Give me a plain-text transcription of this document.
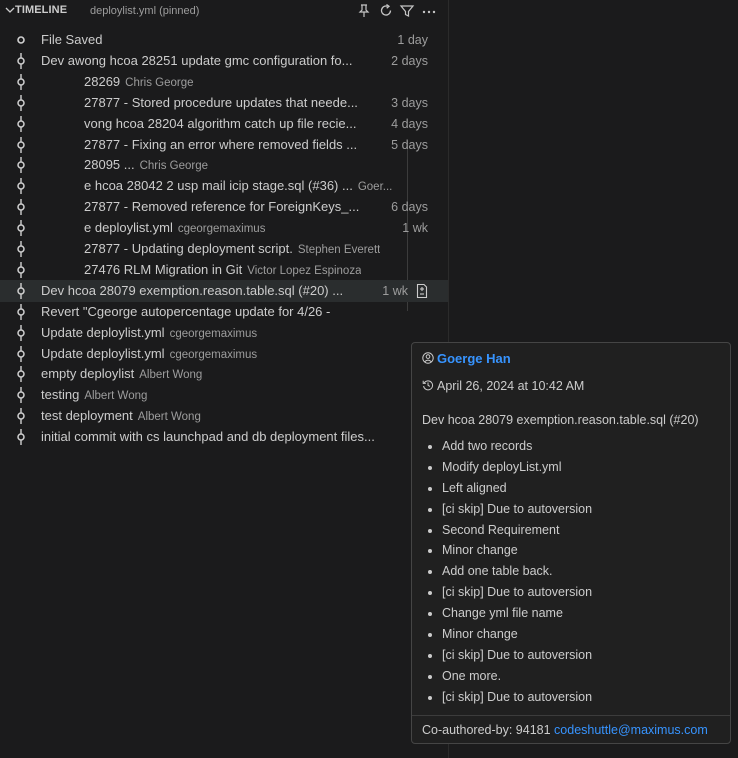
TIMELINE deploylist.yml (pinned)
File Saved	1 day
Dev awong hcoa 28251 update gmc configuration fo...	2 days
28269 Chris George
27877 - Stored procedure updates that neede...	3 days
vong hcoa 28204 algorithm catch up file recie...	4 days
27877 - Fixing an error where removed fields ...	5 days
28095 ... Chris George
e hcoa 28042 2 usp mail icip stage.sql (#36) ... Goer...
27877 - Removed reference for ForeignKeys_...	6 days
e deploylist.yml cgeorgemaximus	1 wk
27877 - Updating deployment script. Stephen Everett
27476 RLM Migration in Git Victor Lopez Espinoza
Dev hcoa 28079 exemption.reason.table.sql (#20) ...	1 wk
Revert "Cgeorge autopercentage update for 4/26 -
Update deploylist.yml cgeorgemaximus
Update deploylist.yml cgeorgemaximus
empty deploylist Albert Wong
testing Albert Wong
test deployment Albert Wong
initial commit with cs launchpad and db deployment files...
Goerge Han
April 26, 2024 at 10:42 AM
Dev hcoa 28079 exemption.reason.table.sql (#20)
Add two records
Modify deployList.yml
Left aligned
[ci skip] Due to autoversion
Second Requirement
Minor change
Add one table back.
[ci skip] Due to autoversion
Change yml file name
Minor change
[ci skip] Due to autoversion
One more.
[ci skip] Due to autoversion
Co-authored-by: 94181 codeshuttle@maximus.com
